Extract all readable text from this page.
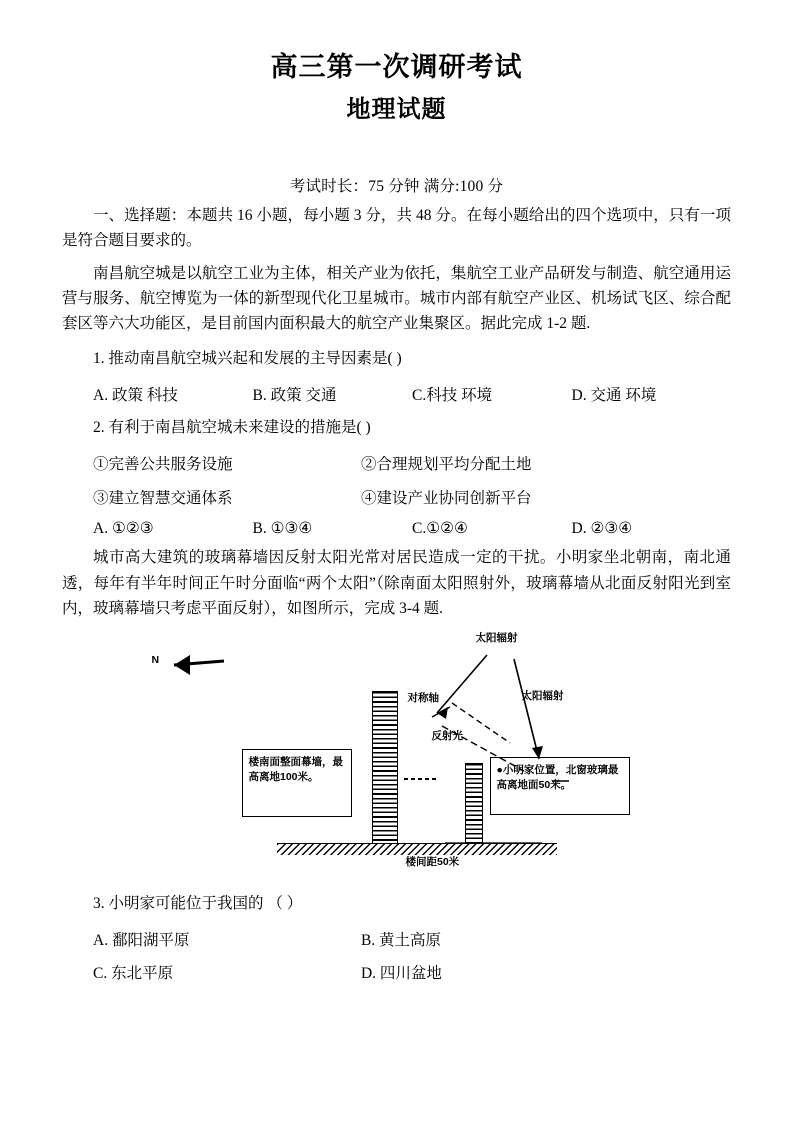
高三第一次调研考试
地理试题
考试时长：75 分钟 满分:100 分
一、选择题：本题共 16 小题，每小题 3 分，共 48 分。在每小题给出的四个选项中，只有一项是符合题目要求的。
南昌航空城是以航空工业为主体，相关产业为依托，集航空工业产品研发与制造、航空通用运营与服务、航空博览为一体的新型现代化卫星城市。城市内部有航空产业区、机场试飞区、综合配套区等六大功能区，是目前国内面积最大的航空产业集聚区。据此完成 1-2 题.
1. 推动南昌航空城兴起和发展的主导因素是( )
A. 政策 科技	B. 政策 交通	C.科技 环境	D. 交通 环境
2. 有利于南昌航空城未来建设的措施是( )
①完善公共服务设施	②合理规划平均分配土地
③建立智慧交通体系	④建设产业协同创新平台
A. ①②③	B. ①③④	C.①②④	D. ②③④
城市高大建筑的玻璃幕墙因反射太阳光常对居民造成一定的干扰。小明家坐北朝南，南北通透，每年有半年时间正午时分面临“两个太阳”（除南面太阳照射外，玻璃幕墙从北面反射阳光到室内，玻璃幕墙只考虑平面反射），如图所示，完成 3-4 题.
N
太阳辐射
对称轴	太阳辐射
反射光
楼南面整面幕墙，最高离地100米。
●小明家位置，北窗玻璃最高离地面50米。
楼间距50米
3. 小明家可能位于我国的 （ ）
A. 鄱阳湖平原	B. 黄土高原
C. 东北平原	D. 四川盆地
